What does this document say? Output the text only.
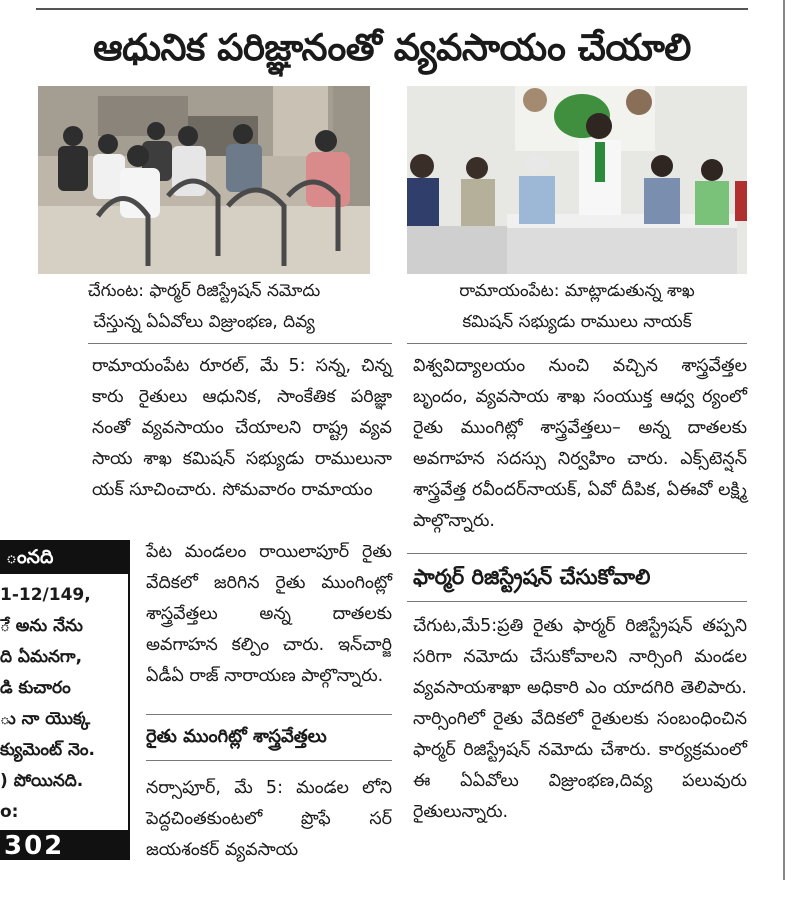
ఆధునిక పరిజ్ఞానంతో వ్యవసాయం చేయాలి
చేగుంట: ఫార్మర్ రిజిస్ట్రేషన్ నమోదు
చేస్తున్న ఏఏవోలు విజ్రుంభణ, దివ్య
రామాయంపేట: మాట్లాడుతున్న శాఖ
కమిషన్ సభ్యుడు రాములు నాయక్
రామాయంపేట రూరల్, మే 5: సన్న, చిన్న కారు రైతులు ఆధునిక, సాంకేతిక పరిజ్ఞా నంతో వ్యవసాయం చేయాలని రాష్ట్ర వ్యవ సాయ శాఖ కమిషన్ సభ్యుడు రాములునా యక్ సూచించారు. సోమవారం రామాయం
పేట మండలం రాయిలాపూర్ రైతు వేదికలో జరిగిన రైతు ముంగింట్లో శాస్త్రవేత్తలు అన్న దాతలకు అవగాహన కల్పిం చారు. ఇన్‌చార్జి ఏడీఏ రాజ్ నారాయణ పాల్గొన్నారు.
రైతు ముంగిట్లో శాస్త్రవేత్తలు
నర్సాపూర్, మే 5: మండల లోని పెద్దచింతకుంటలో ప్రొఫే సర్ జయశంకర్ వ్యవసాయ
విశ్వవిద్యాలయం నుంచి వచ్చిన శాస్త్రవేత్తల బృందం, వ్యవసాయ శాఖ సంయుక్త ఆధ్వ ర్యంలో రైతు ముంగిట్లో శాస్త్రవేత్తలు– అన్న దాతలకు అవగాహన సదస్సు నిర్వహిం చారు. ఎక్స్‌టెన్షన్ శాస్త్రవేత్త రవీందర్‌నాయక్, ఏవో దీపిక, ఏఈవో లక్ష్మి పాల్గొన్నారు.
ఫార్మర్ రిజిస్ట్రేషన్ చేసుకోవాలి
చేగుట,మే5:ప్రతి రైతు ఫార్మర్ రిజిస్ట్రేషన్ తప్పని సరిగా నమోదు చేసుకోవాలని నార్సింగి మండల వ్యవసాయశాఖా అధికారి ఎం యాదగిరి తెలిపారు. నార్సింగిలో రైతు వేదికలో రైతులకు సంబంధించిన ఫార్మర్ రిజిస్ట్రేషన్ నమోదు చేశారు. కార్యక్రమంలో ఈ ఏఏవోలు విజ్రుంభణ,దివ్య పలువురు రైతులున్నారు.
ంనది
1-12/149,
ే అను నేను
ది ఏమనగా,
డి కుచారం
ు నా యొక్క
క్యుమెంట్ నెం.
) పోయినది.
o:
302
